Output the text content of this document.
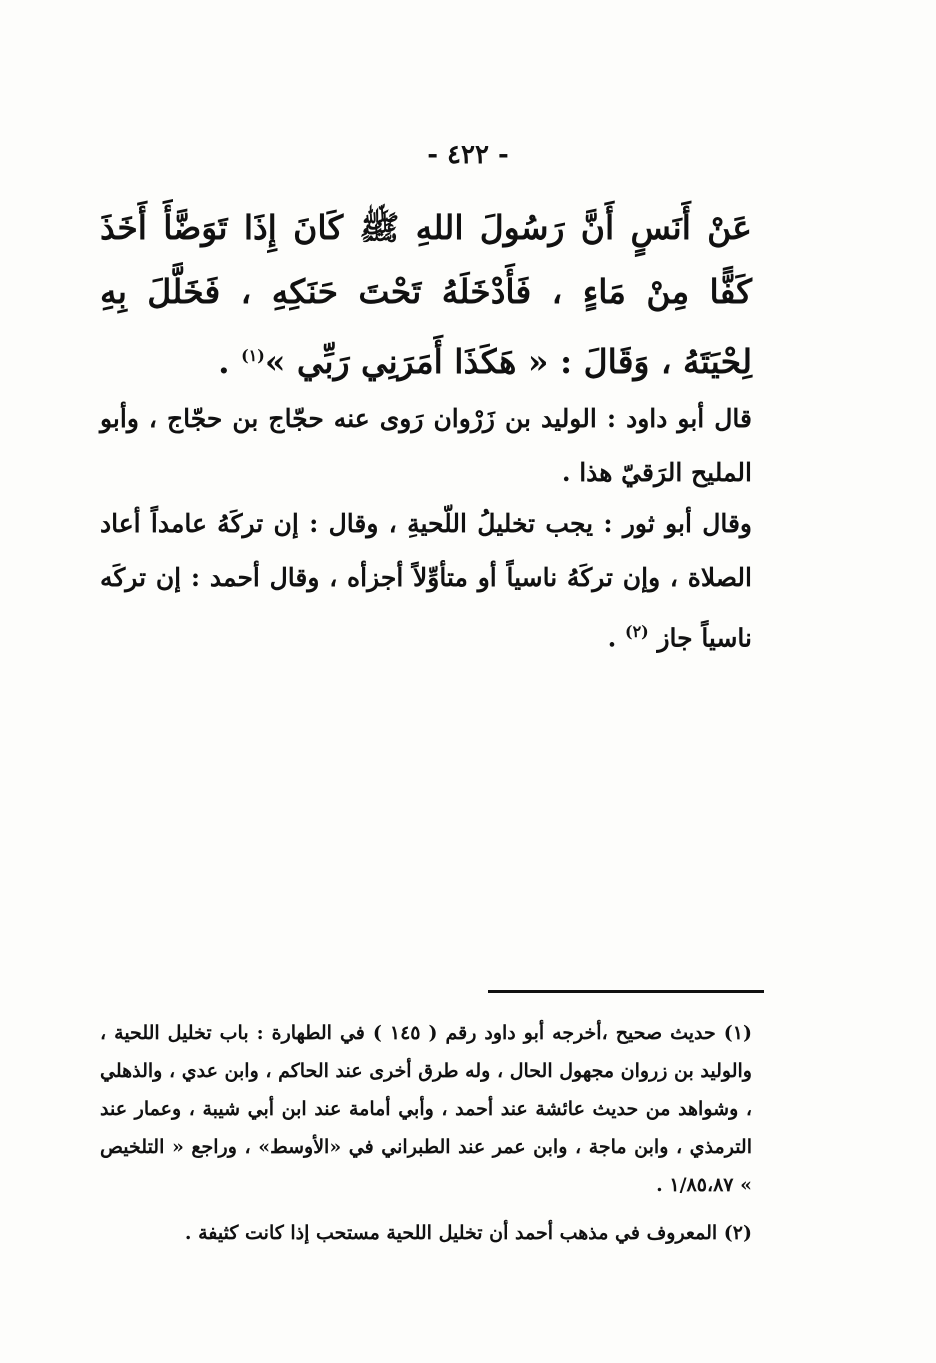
- ٤٢٢ -
عَنْ أَنَسٍ أَنَّ رَسُولَ اللهِ ﷺ كَانَ إِذَا تَوَضَّأَ أَخَذَ كَفًّا مِنْ مَاءٍ ، فَأَدْخَلَهُ تَحْتَ حَنَكِهِ ، فَخَلَّلَ بِهِ لِحْيَتَهُ ، وَقَالَ : « هَكَذَا أَمَرَنِي رَبِّي »$^{(١)}$ .
قال أبو داود : الوليد بن زَرْوان رَوى عنه حجّاج بن حجّاج ، وأبو المليح الرَقيّ هذا .
وقال أبو ثور : يجب تخليلُ اللّحيةِ ، وقال : إن تركَهُ عامداً أعاد الصلاة ، وإن تركَهُ ناسياً أو متأوِّلاً أجزأه ، وقال أحمد : إن تركَه ناسياً جاز $^{(٢)}$ .

(١) حديث صحيح ،أخرجه أبو داود رقم ( ١٤٥ ) في الطهارة : باب تخليل اللحية ، والوليد بن زروان مجهول الحال ، وله طرق أخرى عند الحاكم ، وابن عدي ، والذهلي ، وشواهد من حديث عائشة عند أحمد ، وأبي أمامة عند ابن أبي شيبة ، وعمار عند الترمذي ، وابن ماجة ، وابن عمر عند الطبراني في «الأوسط» ، وراجع « التلخيص » ١/٨٥،٨٧ .

(٢) المعروف في مذهب أحمد أن تخليل اللحية مستحب إذا كانت كثيفة .
